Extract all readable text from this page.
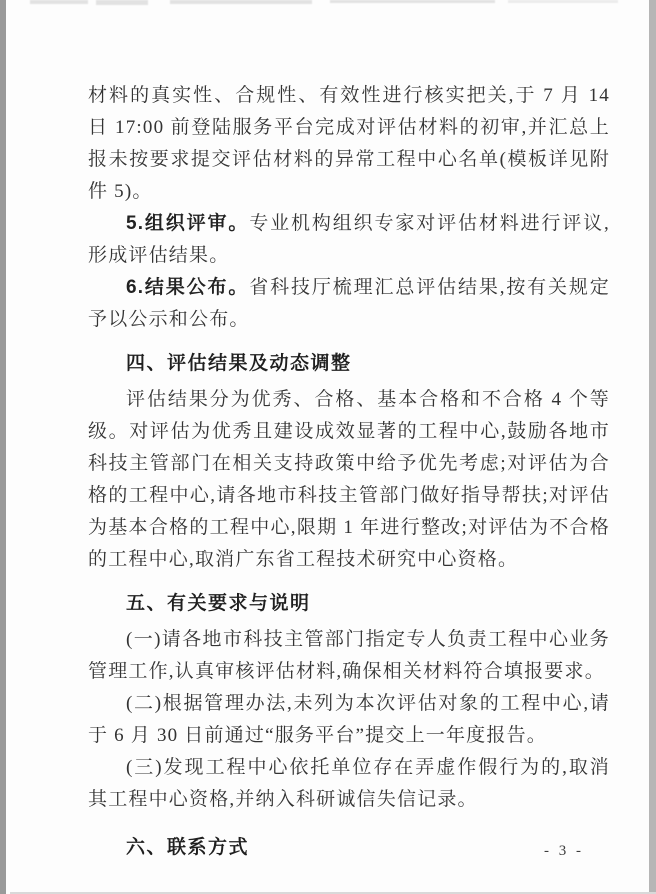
材料的真实性、合规性、有效性进行核实把关,于 7 月 14 日 17:00 前登陆服务平台完成对评估材料的初审,并汇总上报未按要求提交评估材料的异常工程中心名单(模板详见附件 5)。

5.组织评审。专业机构组织专家对评估材料进行评议,形成评估结果。

6.结果公布。省科技厅梳理汇总评估结果,按有关规定予以公示和公布。

四、评估结果及动态调整

评估结果分为优秀、合格、基本合格和不合格 4 个等级。对评估为优秀且建设成效显著的工程中心,鼓励各地市科技主管部门在相关支持政策中给予优先考虑;对评估为合格的工程中心,请各地市科技主管部门做好指导帮扶;对评估为基本合格的工程中心,限期 1 年进行整改;对评估为不合格的工程中心,取消广东省工程技术研究中心资格。

五、有关要求与说明

(一)请各地市科技主管部门指定专人负责工程中心业务管理工作,认真审核评估材料,确保相关材料符合填报要求。

(二)根据管理办法,未列为本次评估对象的工程中心,请于 6 月 30 日前通过“服务平台”提交上一年度报告。

(三)发现工程中心依托单位存在弄虚作假行为的,取消其工程中心资格,并纳入科研诚信失信记录。

六、联系方式	- 3 -
